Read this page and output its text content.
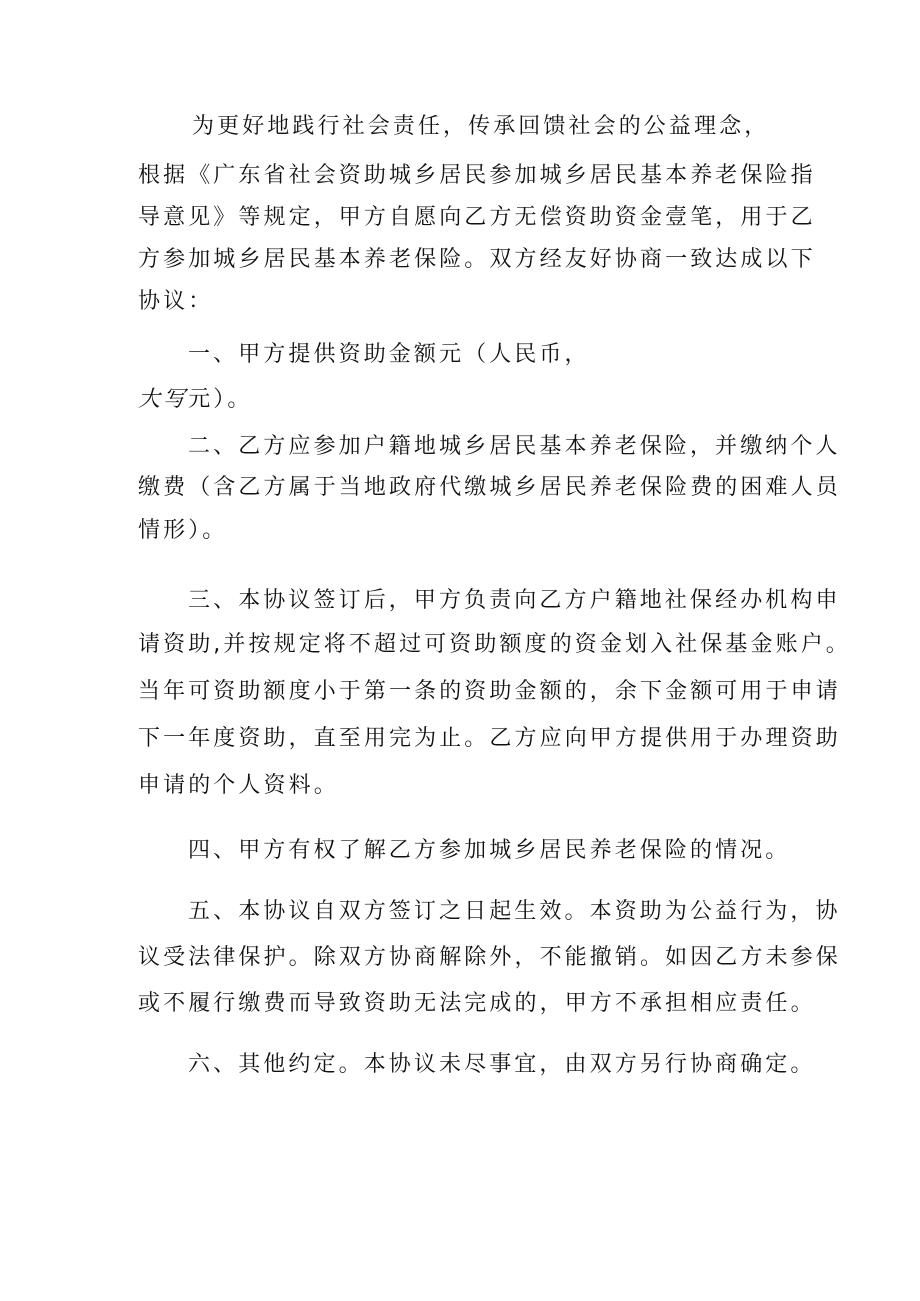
为更好地践行社会责任，传承回馈社会的公益理念，
根据《广东省社会资助城乡居民参加城乡居民基本养老保险指
导意见》等规定，甲方自愿向乙方无偿资助资金壹笔，用于乙
方参加城乡居民基本养老保险。双方经友好协商一致达成以下
协议：
一、甲方提供资助金额元（人民币，
大写元）。
二、乙方应参加户籍地城乡居民基本养老保险，并缴纳个人
缴费（含乙方属于当地政府代缴城乡居民养老保险费的困难人员
情形）。
三、本协议签订后，甲方负责向乙方户籍地社保经办机构申
请资助,并按规定将不超过可资助额度的资金划入社保基金账户。
当年可资助额度小于第一条的资助金额的，余下金额可用于申请
下一年度资助，直至用完为止。乙方应向甲方提供用于办理资助
申请的个人资料。
四、甲方有权了解乙方参加城乡居民养老保险的情况。
五、本协议自双方签订之日起生效。本资助为公益行为，协
议受法律保护。除双方协商解除外，不能撤销。如因乙方未参保
或不履行缴费而导致资助无法完成的，甲方不承担相应责任。
六、其他约定。本协议未尽事宜，由双方另行协商确定。
